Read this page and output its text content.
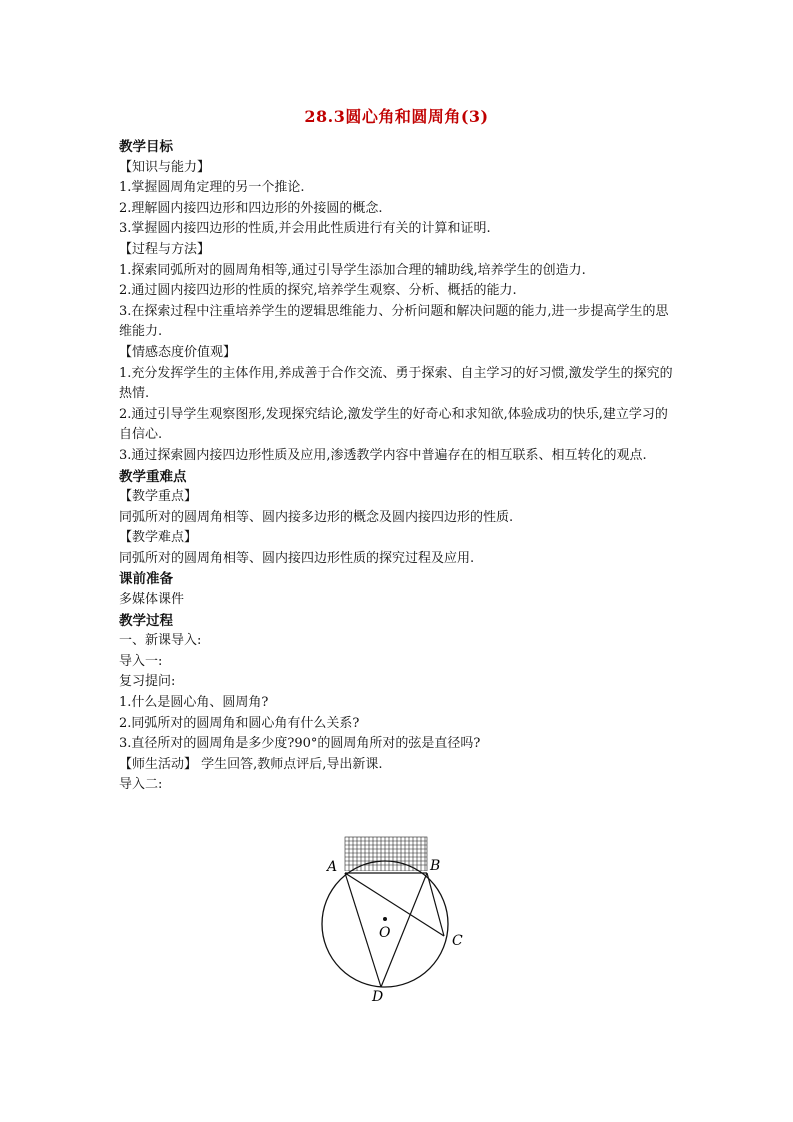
28.3圆心角和圆周角(3)

教学目标

【知识与能力】

1.掌握圆周角定理的另一个推论.

2.理解圆内接四边形和四边形的外接圆的概念.

3.掌握圆内接四边形的性质,并会用此性质进行有关的计算和证明.

【过程与方法】

1.探索同弧所对的圆周角相等,通过引导学生添加合理的辅助线,培养学生的创造力.

2.通过圆内接四边形的性质的探究,培养学生观察、分析、概括的能力.

3.在探索过程中注重培养学生的逻辑思维能力、分析问题和解决问题的能力,进一步提高学生的思维能力.

【情感态度价值观】

1.充分发挥学生的主体作用,养成善于合作交流、勇于探索、自主学习的好习惯,激发学生的探究的热情.

2.通过引导学生观察图形,发现探究结论,激发学生的好奇心和求知欲,体验成功的快乐,建立学习的自信心.

3.通过探索圆内接四边形性质及应用,渗透教学内容中普遍存在的相互联系、相互转化的观点.

教学重难点

【教学重点】

同弧所对的圆周角相等、圆内接多边形的概念及圆内接四边形的性质.

【教学难点】

同弧所对的圆周角相等、圆内接四边形性质的探究过程及应用.

课前准备

多媒体课件

教学过程

一、新课导入:

导入一:

复习提问:

1.什么是圆心角、圆周角?

2.同弧所对的圆周角和圆心角有什么关系?

3.直径所对的圆周角是多少度?90°的圆周角所对的弦是直径吗?

【师生活动】 学生回答,教师点评后,导出新课.

导入二:

A	B
C
D
O
